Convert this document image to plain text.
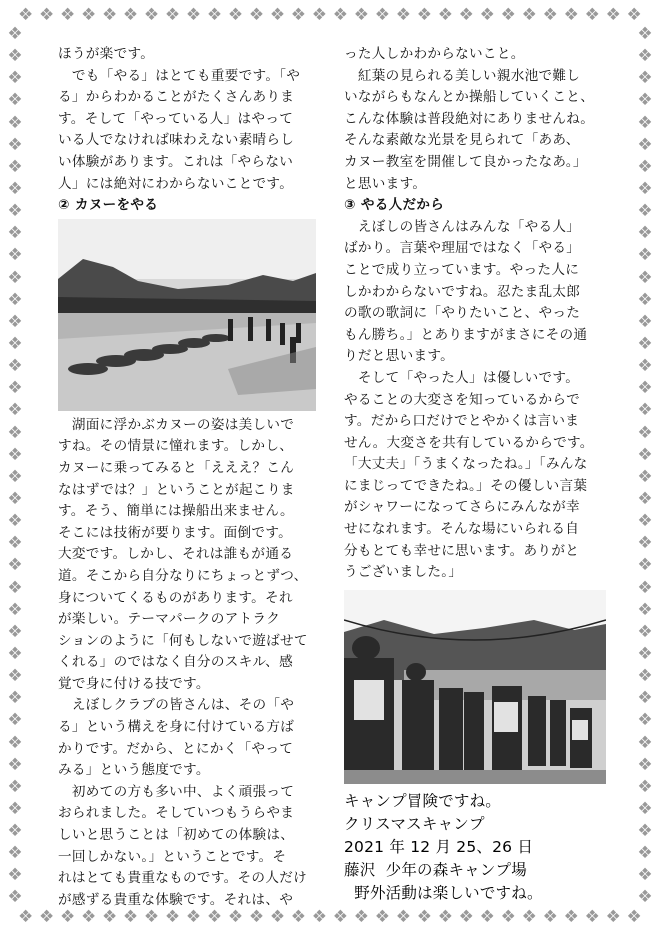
❖ ❖ ❖ ❖ ❖ ❖ ❖ ❖ ❖ ❖ ❖ ❖ ❖ ❖ ❖ ❖ ❖ ❖ ❖ ❖ ❖ ❖ ❖ ❖ ❖ ❖ ❖ ❖ ❖ ❖
❖ ❖ ❖ ❖ ❖ ❖ ❖ ❖ ❖ ❖ ❖ ❖ ❖ ❖ ❖ ❖ ❖ ❖ ❖ ❖ ❖ ❖ ❖ ❖ ❖ ❖ ❖ ❖ ❖ ❖
❖
❖
❖
❖
❖
❖
❖
❖
❖
❖
❖
❖
❖
❖
❖
❖
❖
❖
❖
❖
❖
❖
❖
❖
❖
❖
❖
❖
❖
❖
❖
❖
❖
❖
❖
❖
❖
❖
❖
❖
❖
❖
❖
❖
❖
❖
❖
❖
❖
❖
❖
❖
❖
❖
❖
❖
❖
❖
❖
❖
❖
❖
❖
❖
❖
❖
❖
❖
❖
❖
❖
❖
❖
❖
❖
❖
❖
❖
❖
❖

ほうが楽です。
　でも「やる」はとても重要です。「や
る」からわかることがたくさんありま
す。そして「やっている人」はやって
いる人でなければ味わえない素晴らし
い体験があります。これは「やらない
人」には絶対にわからないことです。

② カヌーをやる

　湖面に浮かぶカヌーの姿は美しいで
すね。その情景に憧れます。しかし、
カヌーに乗ってみると「えええ？こん
なはずでは？」ということが起こりま
す。そう、簡単には操船出来ません。
そこには技術が要ります。面倒です。
大変です。しかし、それは誰もが通る
道。そこから自分なりにちょっとずつ、
身についてくるものがあります。それ
が楽しい。テーマパークのアトラク
ションのように「何もしないで遊ばせて
くれる」のではなく自分のスキル、感
覚で身に付ける技です。
　えぼしクラブの皆さんは、その「や
る」という構えを身に付けている方ば
かりです。だから、とにかく「やって
みる」という態度です。
　初めての方も多い中、よく頑張って
おられました。そしていつもうらやま
しいと思うことは「初めての体験は、
一回しかない。」ということです。そ
れはとても貴重なものです。その人だけ
が感ずる貴重な体験です。それは、や

った人しかわからないこと。
　紅葉の見られる美しい親水池で難し
いながらもなんとか操船していくこと、
こんな体験は普段絶対にありませんね。
そんな素敵な光景を見られて「ああ、
カヌー教室を開催して良かったなあ。」
と思います。

③ やる人だから

　えぼしの皆さんはみんな「やる人」
ばかり。言葉や理屈ではなく「やる」
ことで成り立っています。やった人に
しかわからないですね。忍たま乱太郎
の歌の歌詞に「やりたいこと、やった
もん勝ち。」とありますがまさにその通
りだと思います。
　そして「やった人」は優しいです。
やることの大変さを知っているからで
す。だから口だけでとやかくは言いま
せん。大変さを共有しているからです。
「大丈夫」「うまくなったね。」「みんな
にまじってできたね。」その優しい言葉
がシャワーになってさらにみんなが幸
せになれます。そんな場にいられる自
分もとても幸せに思います。ありがと
うございました。」

キャンプ冒険ですね。
クリスマスキャンプ
2021 年 12 月 25、26 日
藤沢  少年の森キャンプ場
野外活動は楽しいですね。
